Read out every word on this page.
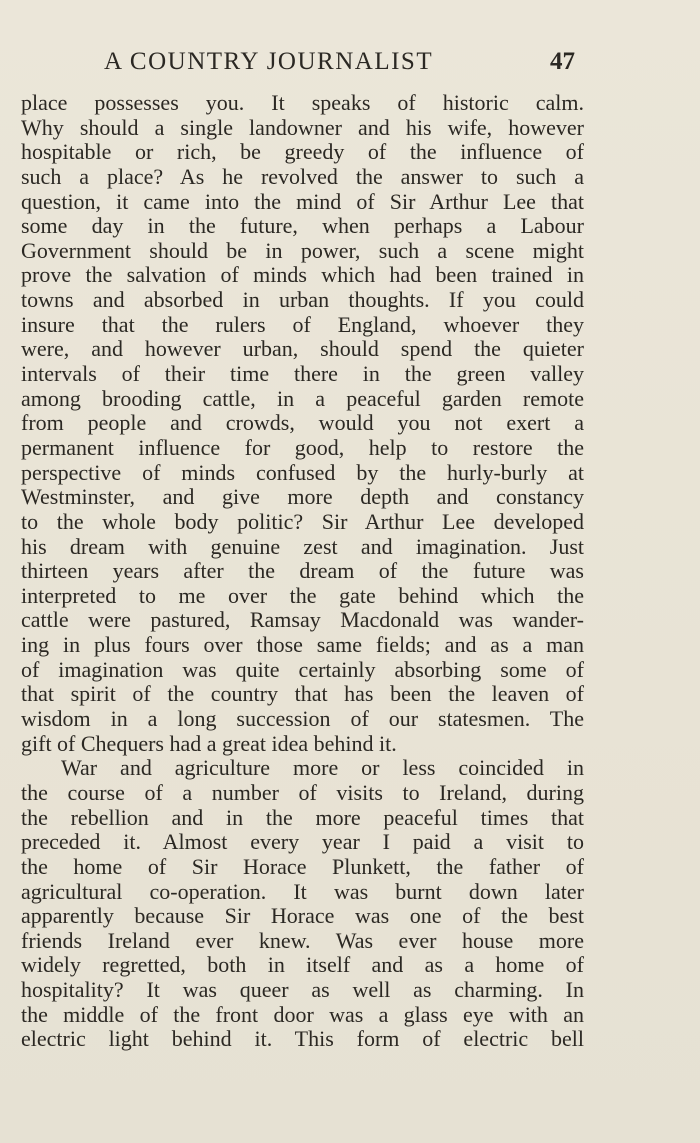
A COUNTRY JOURNALIST	47
place possesses you. It speaks of historic calm.
Why should a single landowner and his wife, however
hospitable or rich, be greedy of the influence of
such a place? As he revolved the answer to such a
question, it came into the mind of Sir Arthur Lee that
some day in the future, when perhaps a Labour
Government should be in power, such a scene might
prove the salvation of minds which had been trained in
towns and absorbed in urban thoughts. If you could
insure that the rulers of England, whoever they
were, and however urban, should spend the quieter
intervals of their time there in the green valley
among brooding cattle, in a peaceful garden remote
from people and crowds, would you not exert a
permanent influence for good, help to restore the
perspective of minds confused by the hurly-burly at
Westminster, and give more depth and constancy
to the whole body politic? Sir Arthur Lee developed
his dream with genuine zest and imagination. Just
thirteen years after the dream of the future was
interpreted to me over the gate behind which the
cattle were pastured, Ramsay Macdonald was wander-
ing in plus fours over those same fields; and as a man
of imagination was quite certainly absorbing some of
that spirit of the country that has been the leaven of
wisdom in a long succession of our statesmen. The
gift of Chequers had a great idea behind it.
War and agriculture more or less coincided in
the course of a number of visits to Ireland, during
the rebellion and in the more peaceful times that
preceded it. Almost every year I paid a visit to
the home of Sir Horace Plunkett, the father of
agricultural co-operation. It was burnt down later
apparently because Sir Horace was one of the best
friends Ireland ever knew. Was ever house more
widely regretted, both in itself and as a home of
hospitality? It was queer as well as charming. In
the middle of the front door was a glass eye with an
electric light behind it. This form of electric bell
